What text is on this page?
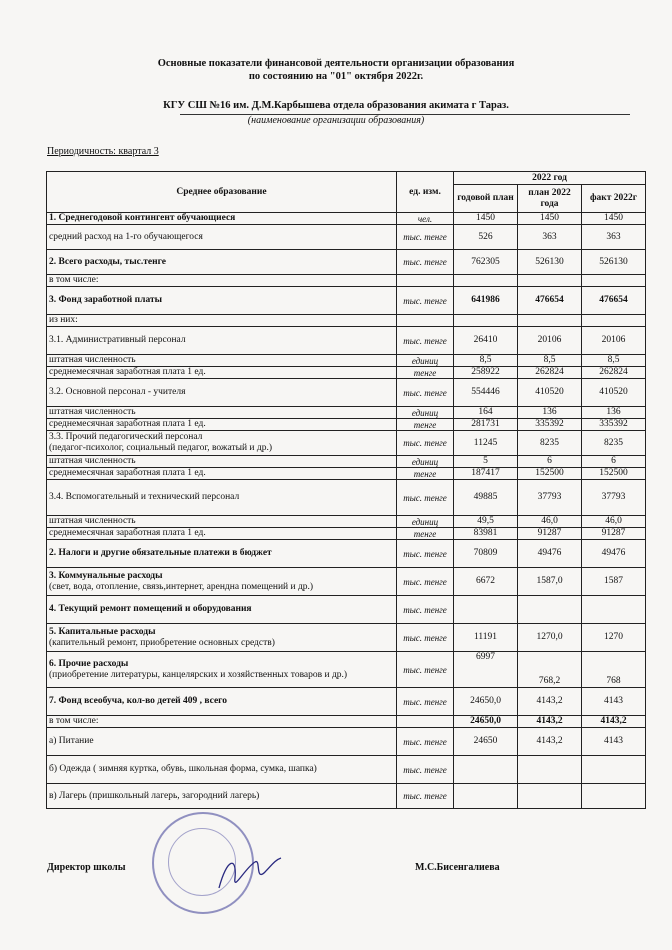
Основные показатели финансовой деятельности организации образования
по состоянию на "01" октября 2022г.
КГУ СШ №16 им. Д.М.Карбышева отдела образования акимата г Тараз.
(наименование организации образования)
Периодичность: квартал 3
Среднее образование	ед. изм.	2022 год		
		годовой план	план 2022 года	факт 2022г
1. Среднегодовой контингент обучающиеся	чел.	1450	1450	1450
средний расход на 1-го обучающегося	тыс. тенге	526	363	363
2. Всего расходы, тыс.тенге	тыс. тенге	762305	526130	526130
в том числе:				
3. Фонд заработной платы	тыс. тенге	641986	476654	476654
из них:				
3.1. Административный персонал	тыс. тенге	26410	20106	20106
штатная численность	единиц	8,5	8,5	8,5
среднемесячная заработная плата 1 ед.	тенге	258922	262824	262824
3.2. Основной персонал - учителя	тыс. тенге	554446	410520	410520
штатная численность	единиц	164	136	136
среднемесячная заработная плата 1 ед.	тенге	281731	335392	335392
3.3. Прочий педагогический персонал
(педагог-психолог, социальный педагог, вожатый и др.)	тыс. тенге	11245	8235	8235
штатная численность	единиц	5	6	6
среднемесячная заработная плата 1 ед.	тенге	187417	152500	152500
3.4. Вспомогательный и технический персонал	тыс. тенге	49885	37793	37793
штатная численность	единиц	49,5	46,0	46,0
среднемесячная заработная плата 1 ед.	тенге	83981	91287	91287
2. Налоги и другие обязательные платежи в бюджет	тыс. тенге	70809	49476	49476
3. Коммунальные расходы
(свет, вода, отопление, связь,интернет, арендна помещений и др.)	тыс. тенге	6672	1587,0	1587
4. Текущий ремонт помещений и оборудования	тыс. тенге			
5. Капитальные расходы
(капительный ремонт, приобретение основных средств)	тыс. тенге	11191	1270,0	1270
6. Прочие расходы
(приобретение литературы, канцелярских и хозяйственных товаров и др.)	тыс. тенге	6997	768,2	768
7. Фонд всеобуча, кол-во детей 409 , всего	тыс. тенге	24650,0	4143,2	4143
в том числе:		24650,0	4143,2	4143,2
а) Питание	тыс. тенге	24650	4143,2	4143
б) Одежда ( зимняя куртка, обувь, школьная форма, сумка, шапка)	тыс. тенге			
в) Лагерь (пришкольный лагерь, загородний лагерь)	тыс. тенге			
Директор школы	М.С.Бисенгалиева
